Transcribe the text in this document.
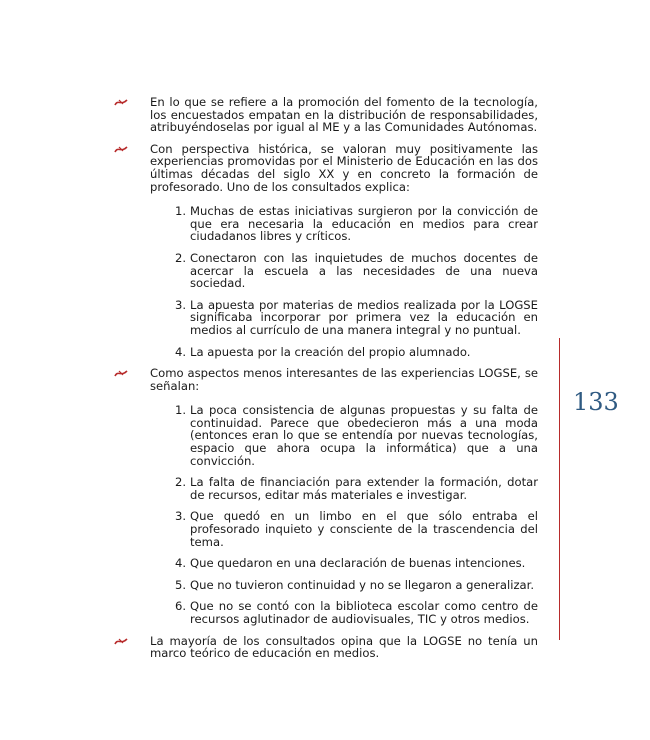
En lo que se refiere a la promoción del fomento de la tecnología, los encuestados empatan en la distribución de responsabilidades, atribuyéndoselas por igual al ME y a las Comunidades Autónomas.
Con perspectiva histórica, se valoran muy positivamente las experiencias promovidas por el Ministerio de Educación en las dos últimas décadas del siglo XX y en concreto la formación de profesorado. Uno de los consultados explica:
1. Muchas de estas iniciativas surgieron por la convicción de que era necesaria la educación en medios para crear ciudadanos libres y críticos.
2. Conectaron con las inquietudes de muchos docentes de acercar la escuela a las necesidades de una nueva sociedad.
3. La apuesta por materias de medios realizada por la LOGSE significaba incorporar por primera vez la educación en medios al currículo de una manera integral y no puntual.
4. La apuesta por la creación del propio alumnado.
Como aspectos menos interesantes de las experiencias LOGSE, se señalan:
1. La poca consistencia de algunas propuestas y su falta de continuidad. Parece que obedecieron más a una moda (entonces eran lo que se entendía por nuevas tecnologías, espacio que ahora ocupa la informática) que a una convicción.
2. La falta de financiación para extender la formación, dotar de recursos, editar más materiales e investigar.
3. Que quedó en un limbo en el que sólo entraba el profesorado inquieto y consciente de la trascendencia del tema.
4. Que quedaron en una declaración de buenas intenciones.
5. Que no tuvieron continuidad y no se llegaron a generalizar.
6. Que no se contó con la biblioteca escolar como centro de recursos aglutinador de audiovisuales, TIC y otros medios.
La mayoría de los consultados opina que la LOGSE no tenía un marco teórico de educación en medios.
133
